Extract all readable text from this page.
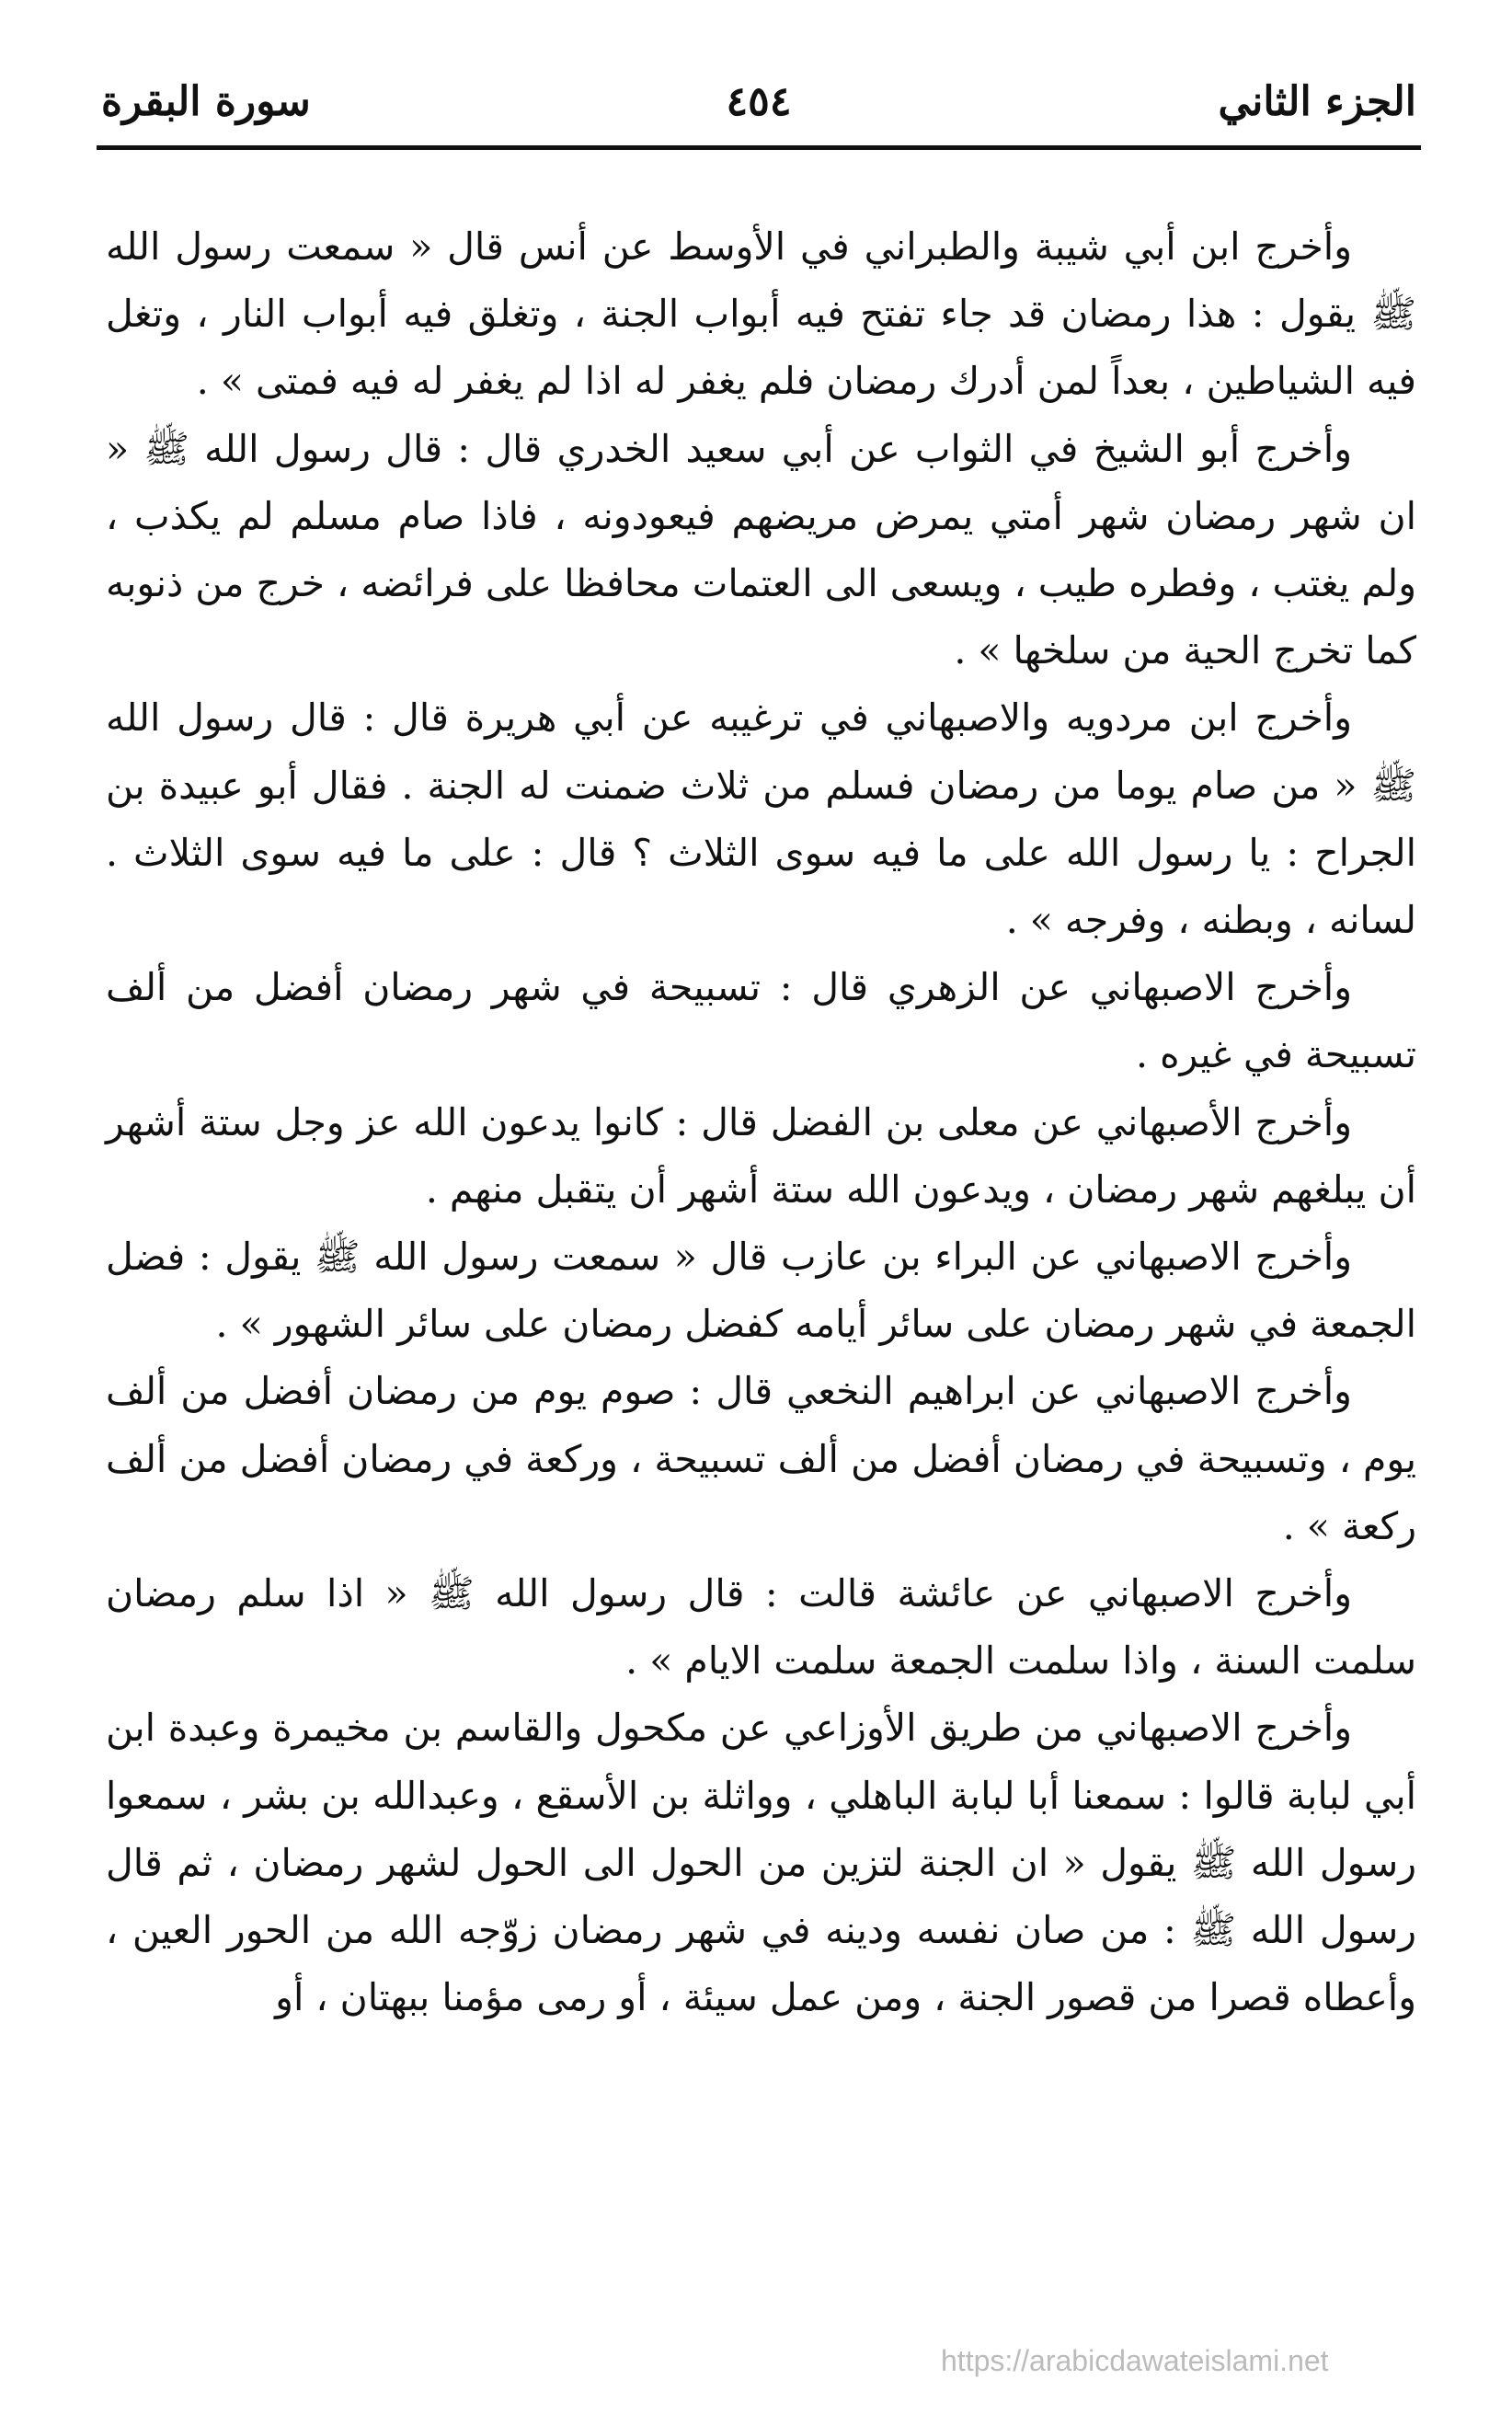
الجزء الثاني
٤٥٤
سورة البقرة

وأخرج ابن أبي شيبة والطبراني في الأوسط عن أنس قال « سمعت رسول الله ﷺ يقول : هذا رمضان قد جاء تفتح فيه أبواب الجنة ، وتغلق فيه أبواب النار ، وتغل فيه الشياطين ، بعداً لمن أدرك رمضان فلم يغفر له اذا لم يغفر له فيه فمتى » .

وأخرج أبو الشيخ في الثواب عن أبي سعيد الخدري قال : قال رسول الله ﷺ « ان شهر رمضان شهر أمتي يمرض مريضهم فيعودونه ، فاذا صام مسلم لم يكذب ، ولم يغتب ، وفطره طيب ، ويسعى الى العتمات محافظا على فرائضه ، خرج من ذنوبه كما تخرج الحية من سلخها » .

وأخرج ابن مردويه والاصبهاني في ترغيبه عن أبي هريرة قال : قال رسول الله ﷺ « من صام يوما من رمضان فسلم من ثلاث ضمنت له الجنة . فقال أبو عبيدة بن الجراح : يا رسول الله على ما فيه سوى الثلاث ؟ قال : على ما فيه سوى الثلاث . لسانه ، وبطنه ، وفرجه » .

وأخرج الاصبهاني عن الزهري قال : تسبيحة في شهر رمضان أفضل من ألف تسبيحة في غيره .

وأخرج الأصبهاني عن معلى بن الفضل قال : كانوا يدعون الله عز وجل ستة أشهر أن يبلغهم شهر رمضان ، ويدعون الله ستة أشهر أن يتقبل منهم .

وأخرج الاصبهاني عن البراء بن عازب قال « سمعت رسول الله ﷺ يقول : فضل الجمعة في شهر رمضان على سائر أيامه كفضل رمضان على سائر الشهور » .

وأخرج الاصبهاني عن ابراهيم النخعي قال : صوم يوم من رمضان أفضل من ألف يوم ، وتسبيحة في رمضان أفضل من ألف تسبيحة ، وركعة في رمضان أفضل من ألف ركعة » .

وأخرج الاصبهاني عن عائشة قالت : قال رسول الله ﷺ « اذا سلم رمضان سلمت السنة ، واذا سلمت الجمعة سلمت الايام » .

وأخرج الاصبهاني من طريق الأوزاعي عن مكحول والقاسم بن مخيمرة وعبدة ابن أبي لبابة قالوا : سمعنا أبا لبابة الباهلي ، وواثلة بن الأسقع ، وعبدالله بن بشر ، سمعوا رسول الله ﷺ يقول « ان الجنة لتزين من الحول الى الحول لشهر رمضان ، ثم قال رسول الله ﷺ : من صان نفسه ودينه في شهر رمضان زوّجه الله من الحور العين ، وأعطاه قصرا من قصور الجنة ، ومن عمل سيئة ، أو رمى مؤمنا ببهتان ، أو

https://arabicdawateislami.net
